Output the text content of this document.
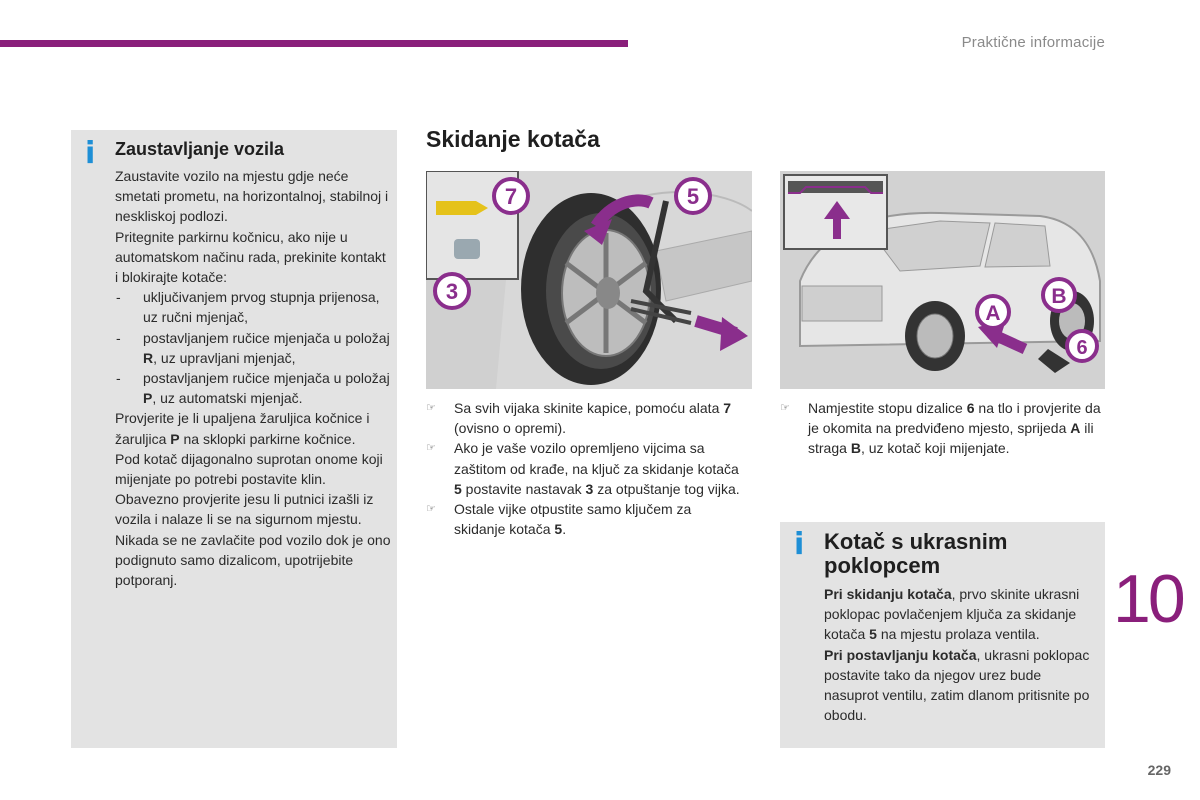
Praktične informacije
i Zaustavljanje vozila

Zaustavite vozilo na mjestu gdje neće smetati prometu, na horizontalnoj, stabilnoj i neskliskoj podlozi.

Pritegnite parkirnu kočnicu, ako nije u automatskom načinu rada, prekinite kontakt i blokirajte kotače:

- uključivanjem prvog stupnja prijenosa, uz ručni mjenjač,

- postavljanjem ručice mjenjača u položaj R, uz upravljani mjenjač,

- postavljanjem ručice mjenjača u položaj P, uz automatski mjenjač.

Provjerite je li upaljena žaruljica kočnice i žaruljica P na sklopki parkirne kočnice.

Pod kotač dijagonalno suprotan onome koji mijenjate po potrebi postavite klin.

Obavezno provjerite jesu li putnici izašli iz vozila i nalaze li se na sigurnom mjestu.

Nikada se ne zavlačite pod vozilo dok je ono podignuto samo dizalicom, upotrijebite potporanj.

Skidanje kotača
7	5
3
A
B
6

☞ Sa svih vijaka skinite kapice, pomoću alata 7 (ovisno o opremi).

☞ Ako je vaše vozilo opremljeno vijcima sa zaštitom od krađe, na ključ za skidanje kotača 5 postavite nastavak 3 za otpuštanje tog vijka.

☞ Ostale vijke otpustite samo ključem za skidanje kotača 5.

☞ Namjestite stopu dizalice 6 na tlo i provjerite da je okomita na predviđeno mjesto, sprijeda A ili straga B, uz kotač koji mijenjate.

i Kotač s ukrasnim poklopcem

Pri skidanju kotača, prvo skinite ukrasni poklopac povlačenjem ključa za skidanje kotača 5 na mjestu prolaza ventila.

Pri postavljanju kotača, ukrasni poklopac postavite tako da njegov urez bude nasuprot ventilu, zatim dlanom pritisnite po obodu.

10
229
